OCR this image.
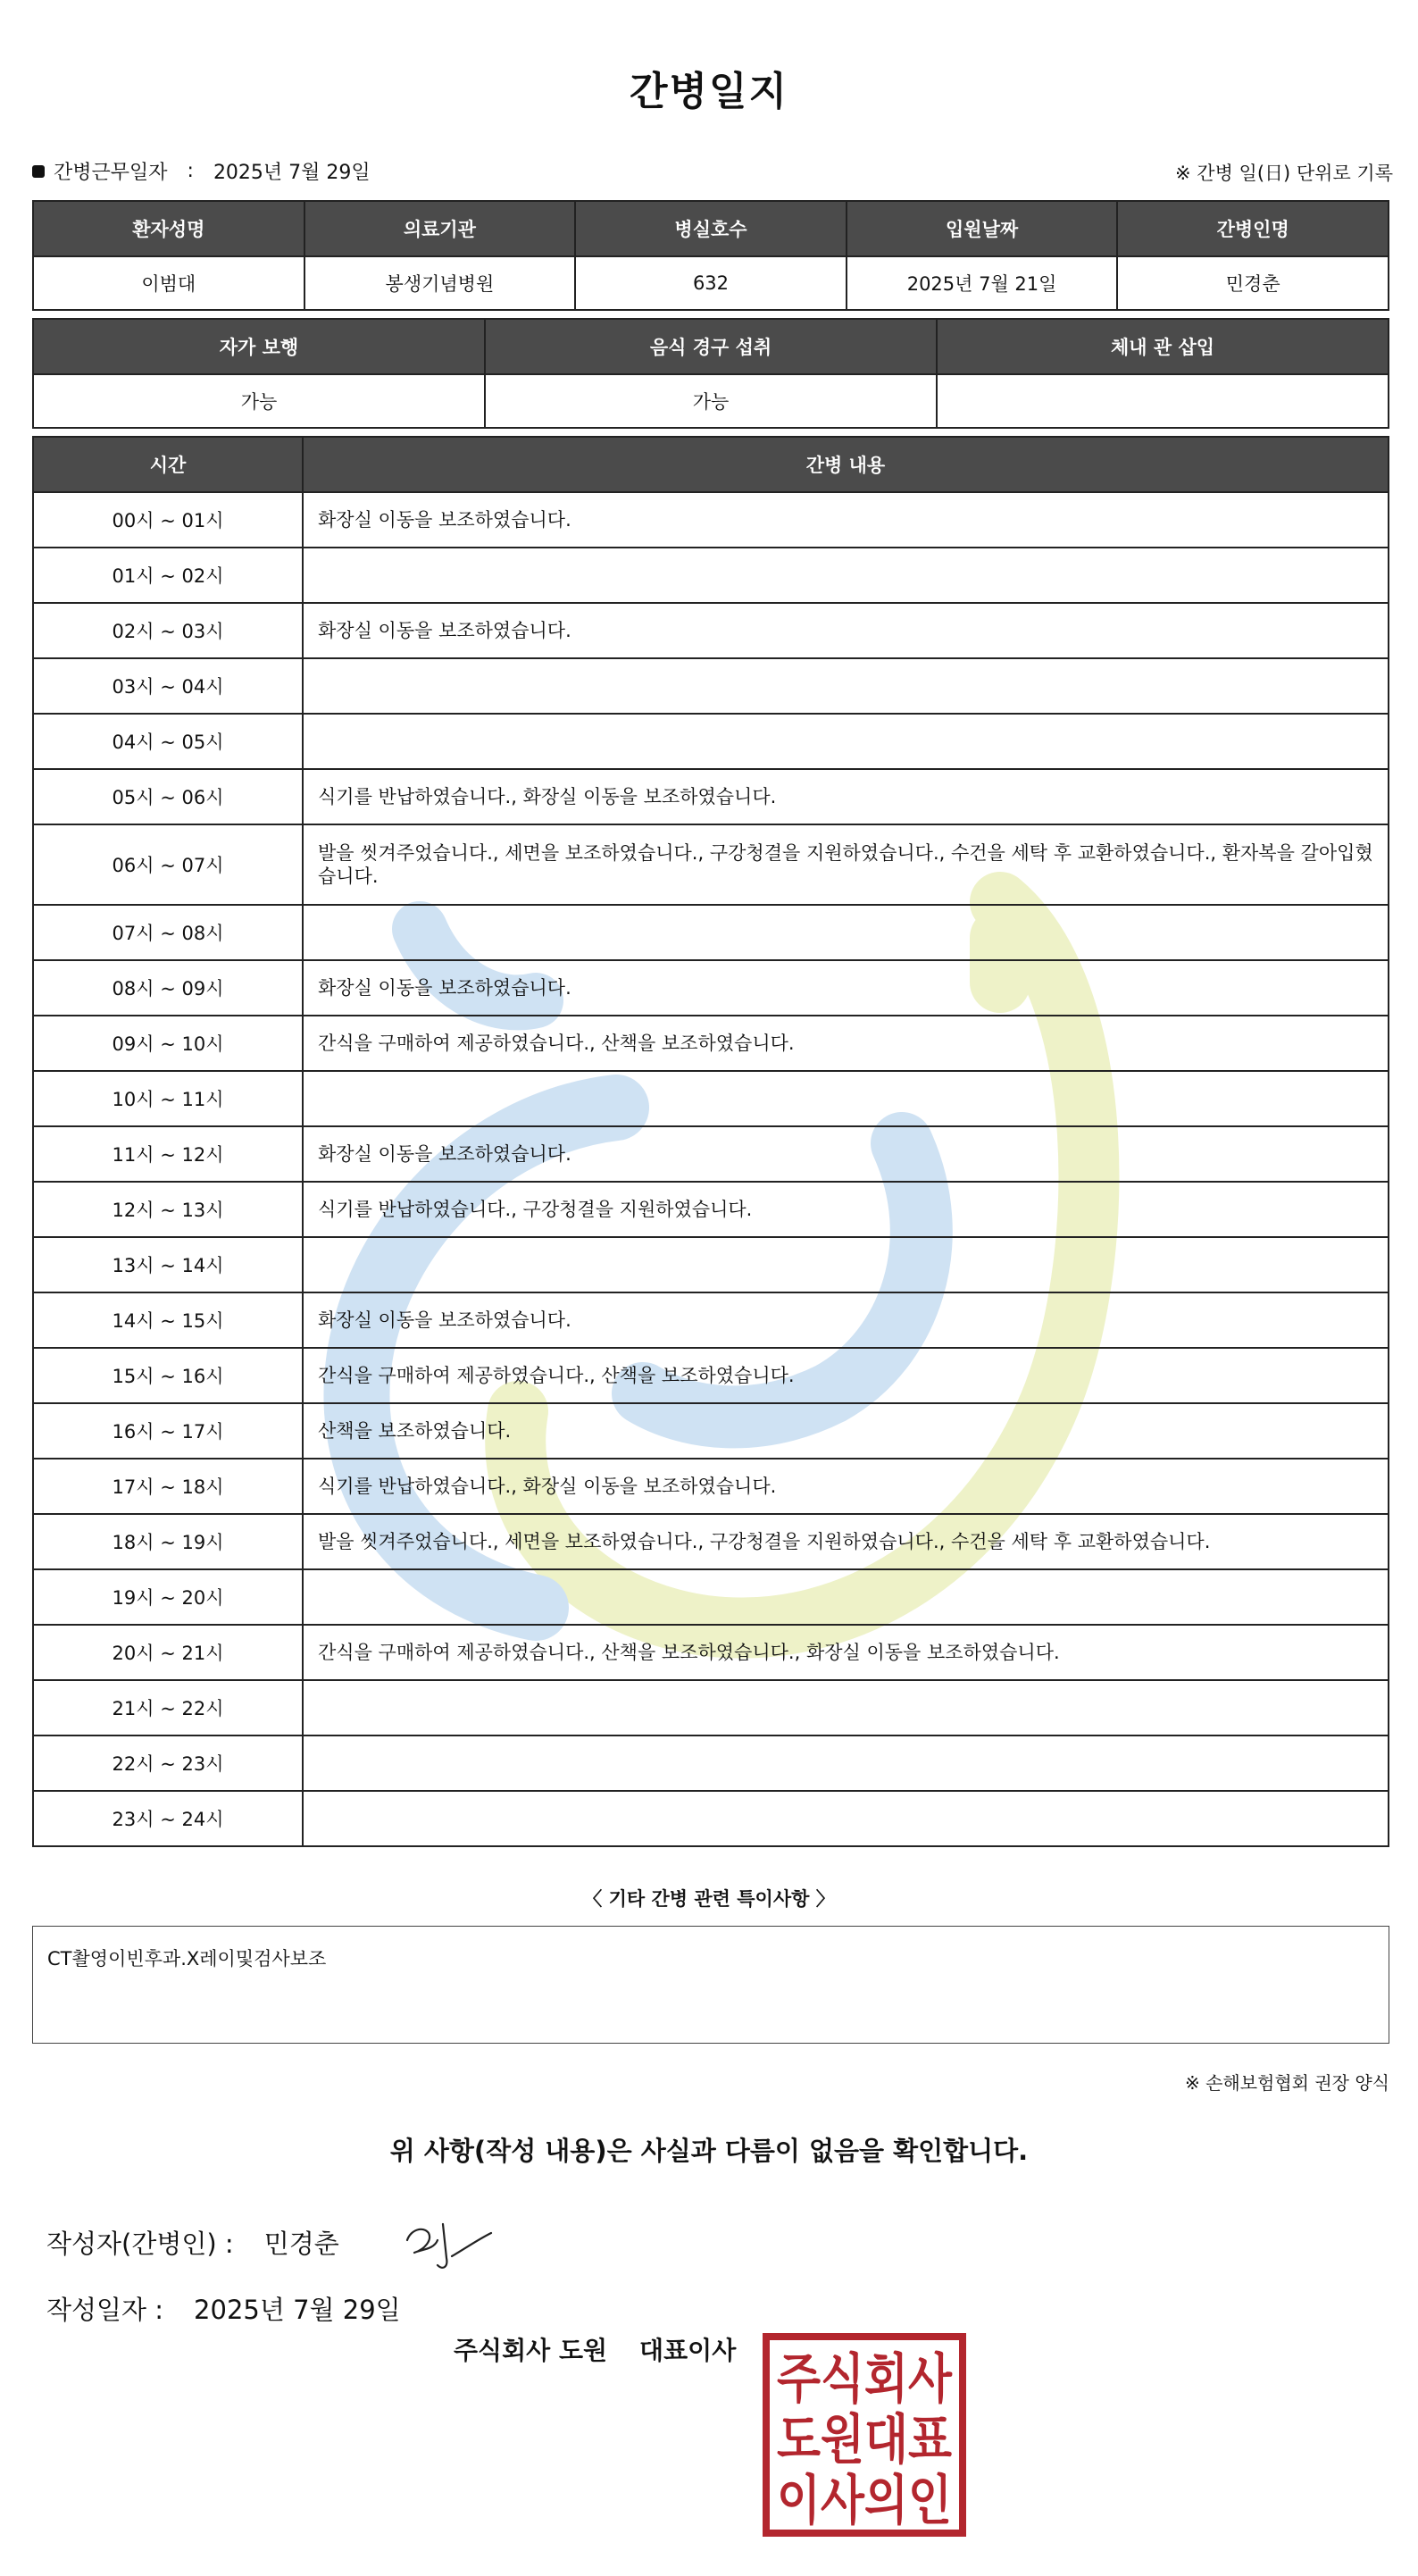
간병일지
간병근무일자 : 2025년 7월 29일	※ 간병 일(日) 단위로 기록
환자성명	의료기관	병실호수	입원날짜	간병인명
이범대	봉생기념병원	632	2025년 7월 21일	민경춘
자가 보행	음식 경구 섭취	체내 관 삽입
가능	가능	
시간	간병 내용
00시 ~ 01시	화장실 이동을 보조하였습니다.
01시 ~ 02시	
02시 ~ 03시	화장실 이동을 보조하였습니다.
03시 ~ 04시	
04시 ~ 05시	
05시 ~ 06시	식기를 반납하였습니다., 화장실 이동을 보조하였습니다.
06시 ~ 07시	발을 씻겨주었습니다., 세면을 보조하였습니다., 구강청결을 지원하였습니다., 수건을 세탁 후 교환하였습니다., 환자복을 갈아입혔습니다.
07시 ~ 08시	
08시 ~ 09시	화장실 이동을 보조하였습니다.
09시 ~ 10시	간식을 구매하여 제공하였습니다., 산책을 보조하였습니다.
10시 ~ 11시	
11시 ~ 12시	화장실 이동을 보조하였습니다.
12시 ~ 13시	식기를 반납하였습니다., 구강청결을 지원하였습니다.
13시 ~ 14시	
14시 ~ 15시	화장실 이동을 보조하였습니다.
15시 ~ 16시	간식을 구매하여 제공하였습니다., 산책을 보조하였습니다.
16시 ~ 17시	산책을 보조하였습니다.
17시 ~ 18시	식기를 반납하였습니다., 화장실 이동을 보조하였습니다.
18시 ~ 19시	발을 씻겨주었습니다., 세면을 보조하였습니다., 구강청결을 지원하였습니다., 수건을 세탁 후 교환하였습니다.
19시 ~ 20시	
20시 ~ 21시	간식을 구매하여 제공하였습니다., 산책을 보조하였습니다., 화장실 이동을 보조하였습니다.
21시 ~ 22시	
22시 ~ 23시	
23시 ~ 24시	
〈 기타 간병 관련 특이사항 〉
CT촬영이빈후과.X레이및검사보조
※ 손해보험협회 권장 양식
위 사항(작성 내용)은 사실과 다름이 없음을 확인합니다.
작성자(간병인) : 민경춘
작성일자 : 2025년 7월 29일
주식회사 도원 대표이사 주식회사
도원대표
이사의인
